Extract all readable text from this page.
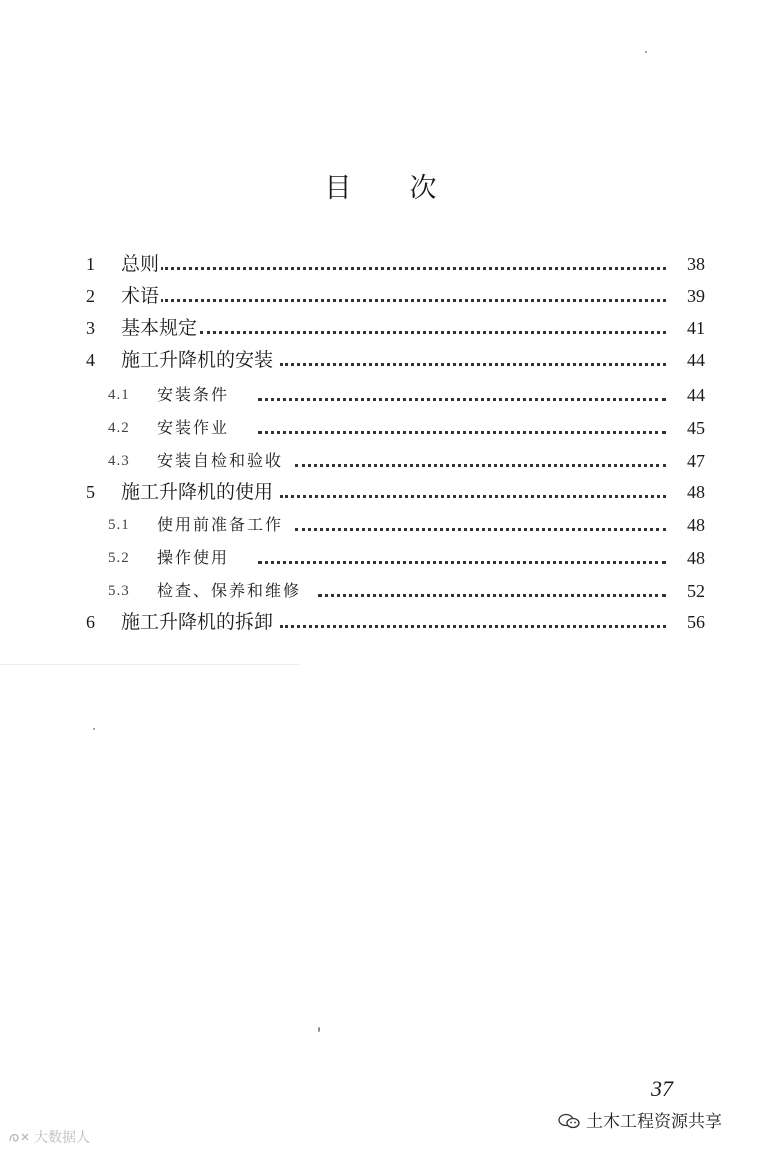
目 次
1 总则	38
2 术语	39
3 基本规定	41
4 施工升降机的安装	44
4.1 安装条件	44
4.2 安装作业	45
4.3 安装自检和验收	47
5 施工升降机的使用	48
5.1 使用前准备工作	48
5.2 操作使用	48
5.3 检查、保养和维修	52
6 施工升降机的拆卸	56
37
土木工程资源共享
大数据人
